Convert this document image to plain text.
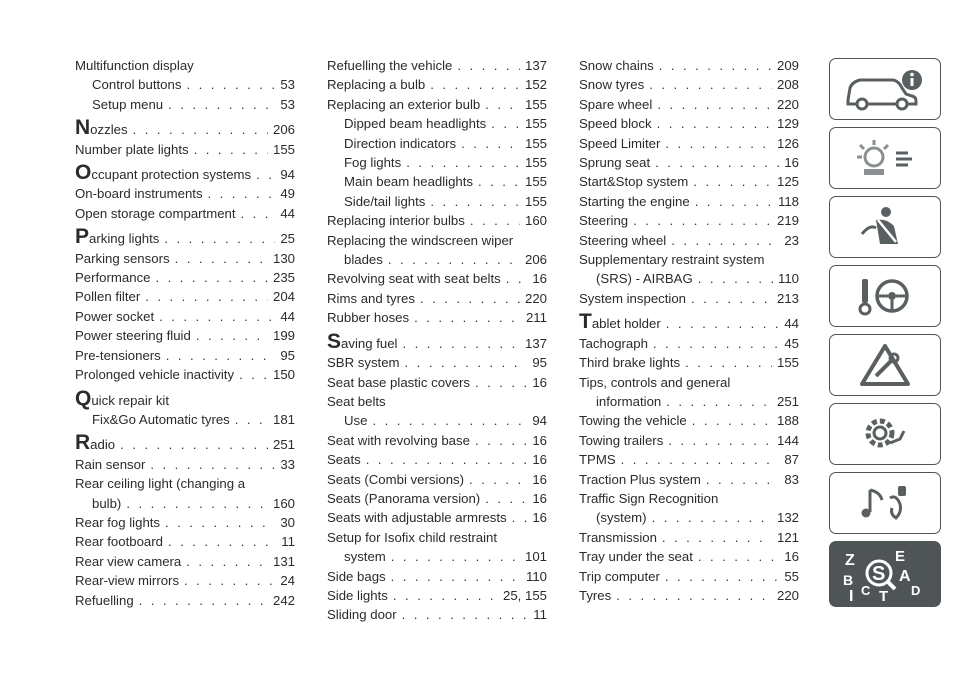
Multifunction display
Control buttons . . .	53
Setup menu . . .	53
Nozzles . . .	206
Number plate lights . . .	155
Occupant protection systems . . . 94
On-board instruments . . .	49
Open storage compartment . . .	44
Parking lights . . .	25
Parking sensors . . .	130
Performance . . .	235
Pollen filter . . .	204
Power socket . . .	44
Power steering fluid . . .	199
Pre-tensioners . . .	95
Prolonged vehicle inactivity . . .	150
Quick repair kit
Fix&Go Automatic tyres . . .	181
Radio . . .	251
Rain sensor . . .	33
Rear ceiling light (changing a
bulb) . . .	160
Rear fog lights . . .	30
Rear footboard . . .	11
Rear view camera . . .	131
Rear-view mirrors . . .	24
Refuelling . . .	242
Refuelling the vehicle . . .	137
Replacing a bulb . . .	152
Replacing an exterior bulb . . .	155
Dipped beam headlights . . .	155
Direction indicators . . .	155
Fog lights . . .	155
Main beam headlights . . .	155
Side/tail lights . . .	155
Replacing interior bulbs . . .	160
Replacing the windscreen wiper
blades . . .	206
Revolving seat with seat belts . . . 16
Rims and tyres . . .	220
Rubber hoses . . .	211
Saving fuel . . .	137
SBR system . . .	95
Seat base plastic covers . . .	16
Seat belts
Use . . .	94
Seat with revolving base . . .	16
Seats . . .	16
Seats (Combi versions) . . .	16
Seats (Panorama version) . . .	16
Seats with adjustable armrests . . . 16
Setup for Isofix child restraint
system . . .	101
Side bags . . .	110
Side lights . . .	25, 155
Sliding door . . .	11
Snow chains . . .	209
Snow tyres . . .	208
Spare wheel . . .	220
Speed block . . .	129
Speed Limiter . . .	126
Sprung seat . . .	16
Start&Stop system . . .	125
Starting the engine . . .	118
Steering . . .	219
Steering wheel . . .	23
Supplementary restraint system
(SRS) - AIRBAG . . .	110
System inspection . . .	213
Tablet holder . . .	44
Tachograph . . .	45
Third brake lights . . .	155
Tips, controls and general
information . . .	251
Towing the vehicle . . .	188
Towing trailers . . .	144
TPMS . . .	87
Traction Plus system . . .	83
Traffic Sign Recognition
(system) . . .	132
Transmission . . .	121
Tray under the seat . . .	16
Trip computer . . .	55
Tyres . . .	220
Z	E
S A
B
C	D
I T
